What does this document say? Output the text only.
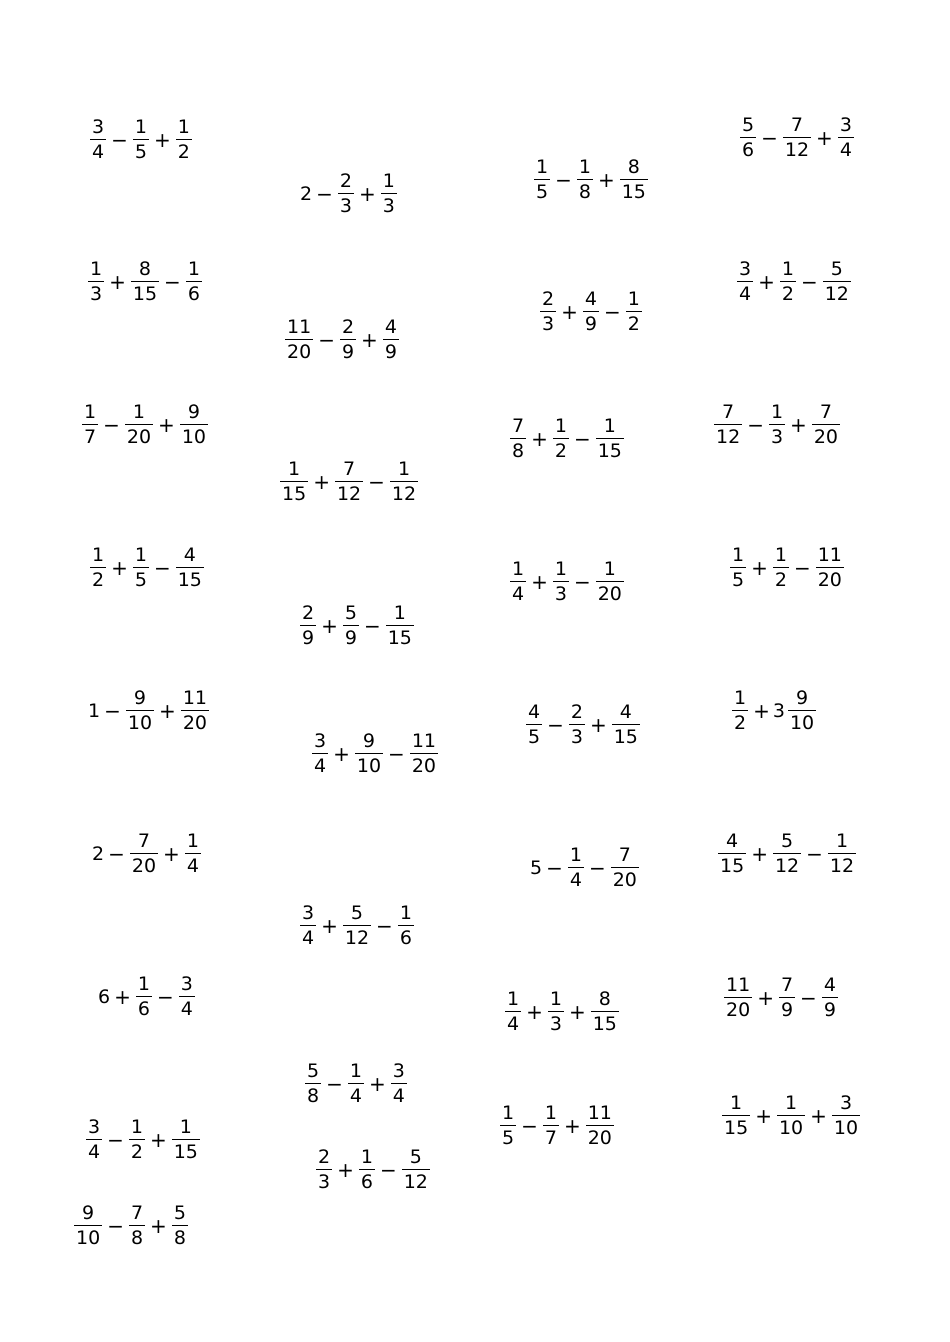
$\frac{3}{4} - \frac{1}{5} + \frac{1}{2}$
$2 - \frac{2}{3} + \frac{1}{3}$	$\frac{1}{5} - \frac{1}{8} + \frac{8}{15}$
$\frac{5}{6} - \frac{7}{12} + \frac{3}{4}$
$\frac{1}{3} + \frac{8}{15} - \frac{1}{6}$
$\frac{11}{20} - \frac{2}{9} + \frac{4}{9}$
$\frac{2}{3} + \frac{4}{9} - \frac{1}{2}$
$\frac{3}{4} + \frac{1}{2} - \frac{5}{12}$
$\frac{1}{7} - \frac{1}{20} + \frac{9}{10}$
$\frac{1}{15} + \frac{7}{12} - \frac{1}{12}$
$\frac{7}{8} + \frac{1}{2} - \frac{1}{15}$	$\frac{7}{12} - \frac{1}{3} + \frac{7}{20}$
$\frac{1}{2} + \frac{1}{5} - \frac{4}{15}$
$\frac{2}{9} + \frac{5}{9} - \frac{1}{15}$
$\frac{1}{4} + \frac{1}{3} - \frac{1}{20}$	$\frac{1}{5} + \frac{1}{2} - \frac{11}{20}$
$1 - \frac{9}{10} + \frac{11}{20}$
$\frac{3}{4} + \frac{9}{10} - \frac{11}{20}$
$\frac{4}{5} - \frac{2}{3} + \frac{4}{15}$	$\frac{1}{2} + 3 \frac{9}{10}$
$2 - \frac{7}{20} + \frac{1}{4}$	$5 - \frac{1}{4} - \frac{7}{20}$	$\frac{4}{15} + \frac{5}{12} - \frac{1}{12}$
$\frac{3}{4} + \frac{5}{12} - \frac{1}{6}$
$6 + \frac{1}{6} - \frac{3}{4}$	$\frac{1}{4} + \frac{1}{3} + \frac{8}{15}$	$\frac{11}{20} + \frac{7}{9} - \frac{4}{9}$
$\frac{5}{8} - \frac{1}{4} + \frac{3}{4}$
$\frac{1}{5} - \frac{1}{7} + \frac{11}{20}$	$\frac{1}{15} + \frac{1}{10} + \frac{3}{10}$
$\frac{3}{4} - \frac{1}{2} + \frac{1}{15}$
$\frac{2}{3} + \frac{1}{6} - \frac{5}{12}$
$\frac{9}{10} - \frac{7}{8} + \frac{5}{8}$
